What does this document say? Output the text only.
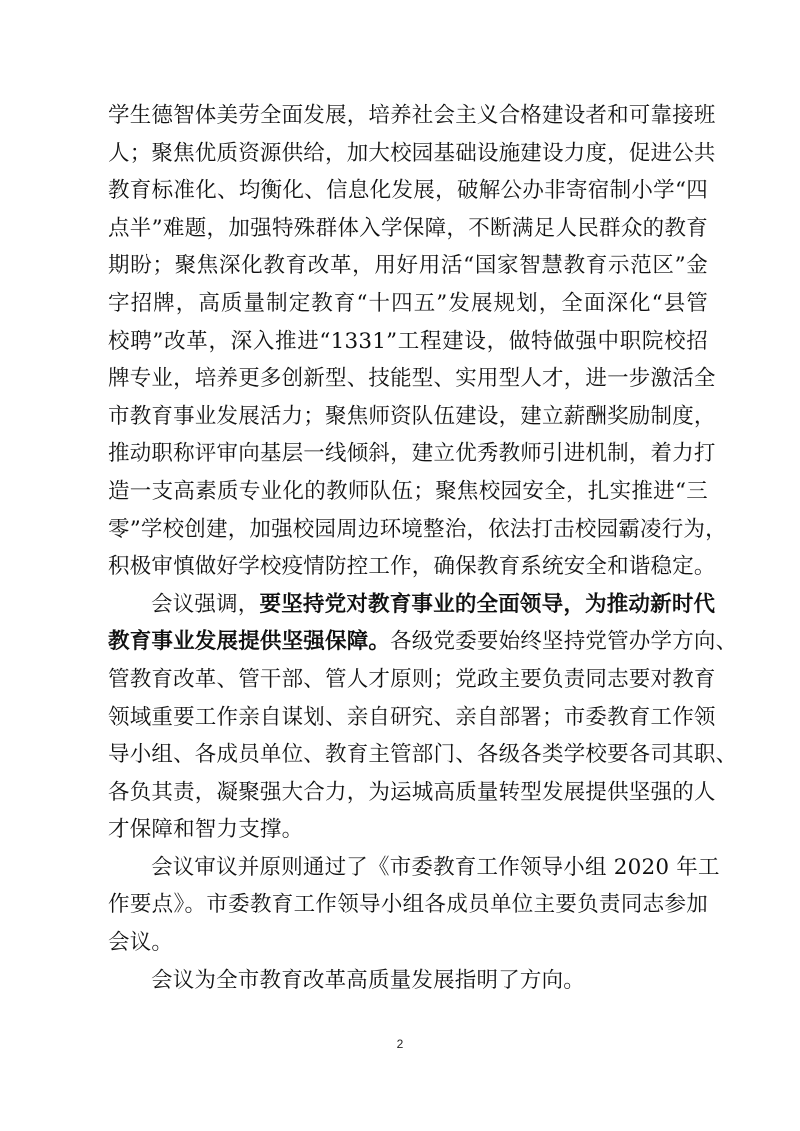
学生德智体美劳全面发展，培养社会主义合格建设者和可靠接班
人；聚焦优质资源供给，加大校园基础设施建设力度，促进公共
教育标准化、均衡化、信息化发展，破解公办非寄宿制小学“四
点半”难题，加强特殊群体入学保障，不断满足人民群众的教育
期盼；聚焦深化教育改革，用好用活“国家智慧教育示范区”金
字招牌，高质量制定教育“十四五”发展规划，全面深化“县管
校聘”改革，深入推进“1331”工程建设，做特做强中职院校招
牌专业，培养更多创新型、技能型、实用型人才，进一步激活全
市教育事业发展活力；聚焦师资队伍建设，建立薪酬奖励制度，
推动职称评审向基层一线倾斜，建立优秀教师引进机制，着力打
造一支高素质专业化的教师队伍；聚焦校园安全，扎实推进“三
零”学校创建，加强校园周边环境整治，依法打击校园霸凌行为，
积极审慎做好学校疫情防控工作，确保教育系统安全和谐稳定。
会议强调，要坚持党对教育事业的全面领导，为推动新时代
教育事业发展提供坚强保障。各级党委要始终坚持党管办学方向、
管教育改革、管干部、管人才原则；党政主要负责同志要对教育
领域重要工作亲自谋划、亲自研究、亲自部署；市委教育工作领
导小组、各成员单位、教育主管部门、各级各类学校要各司其职、
各负其责，凝聚强大合力，为运城高质量转型发展提供坚强的人
才保障和智力支撑。
会议审议并原则通过了《市委教育工作领导小组 2020 年工
作要点》。市委教育工作领导小组各成员单位主要负责同志参加
会议。
会议为全市教育改革高质量发展指明了方向。
2
